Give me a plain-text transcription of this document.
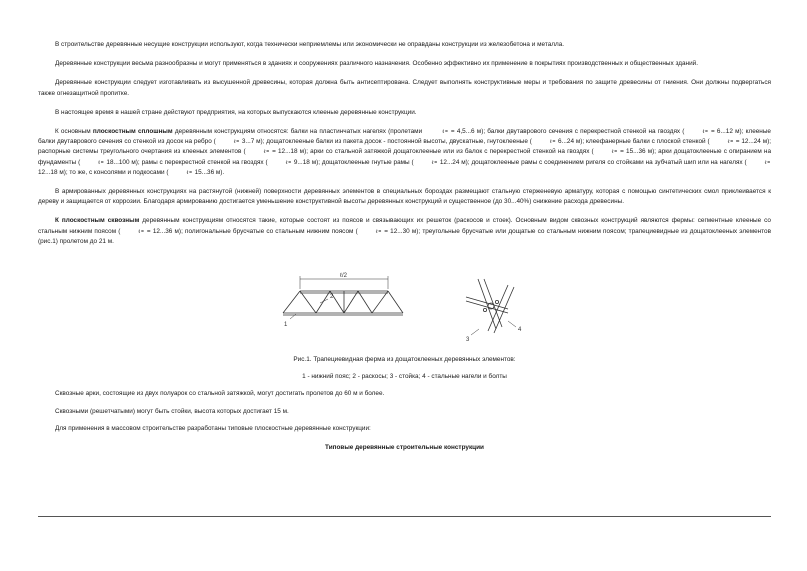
В строительстве деревянные несущие конструкции используют, когда технически неприемлемы или экономически не оправданы конструкции из железобетона и металла.

Деревянные конструкции весьма разнообразны и могут применяться в зданиях и сооружениях различного назначения. Особенно эффективно их применение в покрытиях производственных и общественных зданий.

Деревянные конструкции следует изготавливать из высушенной древесины, которая должна быть антисептирована. Следует выполнять конструктивные меры и требования по защите древесины от гниения. Они должны подвергаться также огнезащитной пропитке.

В настоящее время в нашей стране действуют предприятия, на которых выпускаются клееные деревянные конструкции.

К основным плоскостным сплошным деревянным конструкциям относятся: балки на пластинчатых нагелях (пролетами	ℓ = = 4,5...6 м); балки двутаврового сечения с перекрестной стенкой на гвоздях (	ℓ = = 6...12 м); клееные балки двутаврового сечения со стенкой из досок на ребро (	ℓ = 3...7 м); дощатоклееные балки из пакета досок - постоянной высоты, двускатные, гнутоклееные (	ℓ = 6...24 м); клеефанерные балки с плоской стенкой (	ℓ = = 12...24 м); распорные системы треугольного очертания из клееных элементов (	ℓ = = 12...18 м); арки со стальной затяжкой дощатоклееные или из балок с перекрестной стенкой на гвоздях (	ℓ = = 15...36 м); арки дощатоклееные с опиранием на фундаменты (	ℓ = 18...100 м); рамы с перекрестной стенкой на гвоздях (	ℓ = 9...18 м); дощатоклееные гнутые рамы (	ℓ = 12...24 м); дощатоклееные рамы с соединением ригеля со стойками на зубчатый шип или на нагелях (	ℓ = 12...18 м); то же, с консолями и подкосами (	ℓ = 15...36 м).

В армированных деревянных конструкциях на растянутой (нижней) поверхности деревянных элементов в специальных бороздах размещают стальную стерженевую арматуру, которая с помощью синтетических смол приклеивается к дереву и защищается от коррозии. Благодаря армированию достигается уменьшение конструктивной высоты деревянных конструкций и существенное (до 30...40%) снижение расхода древесины.

К плоскостным сквозным деревянным конструкциям относятся такие, которые состоят из поясов и связывающих их решеток (раскосов и стоек). Основным видом сквозных конструкций являются фермы: сегментные клееные со стальным нижним поясом (	ℓ = = 12...36 м); полигональные брусчатые со стальным нижним поясом (	ℓ = = 12...30 м); треугольные брусчатые или дощатые со стальным нижним поясом; трапециевидные из дощатоклееных элементов (рис.1) пролетом до 21 м.

ℓ/2
1
2
3
4

Рис.1. Трапециевидная ферма из дощатоклееных деревянных элементов:

1 - нижний пояс; 2 - раскосы; 3 - стойка; 4 - стальные нагели и болты

Сквозные арки, состоящие из двух полуарок со стальной затяжкой, могут достигать пролетов до 60 м и более.

Сквозными (решетчатыми) могут быть стойки, высота которых достигает 15 м.

Для применения в массовом строительстве разработаны типовые плоскостные деревянные конструкции:

Типовые деревянные строительные конструкции
